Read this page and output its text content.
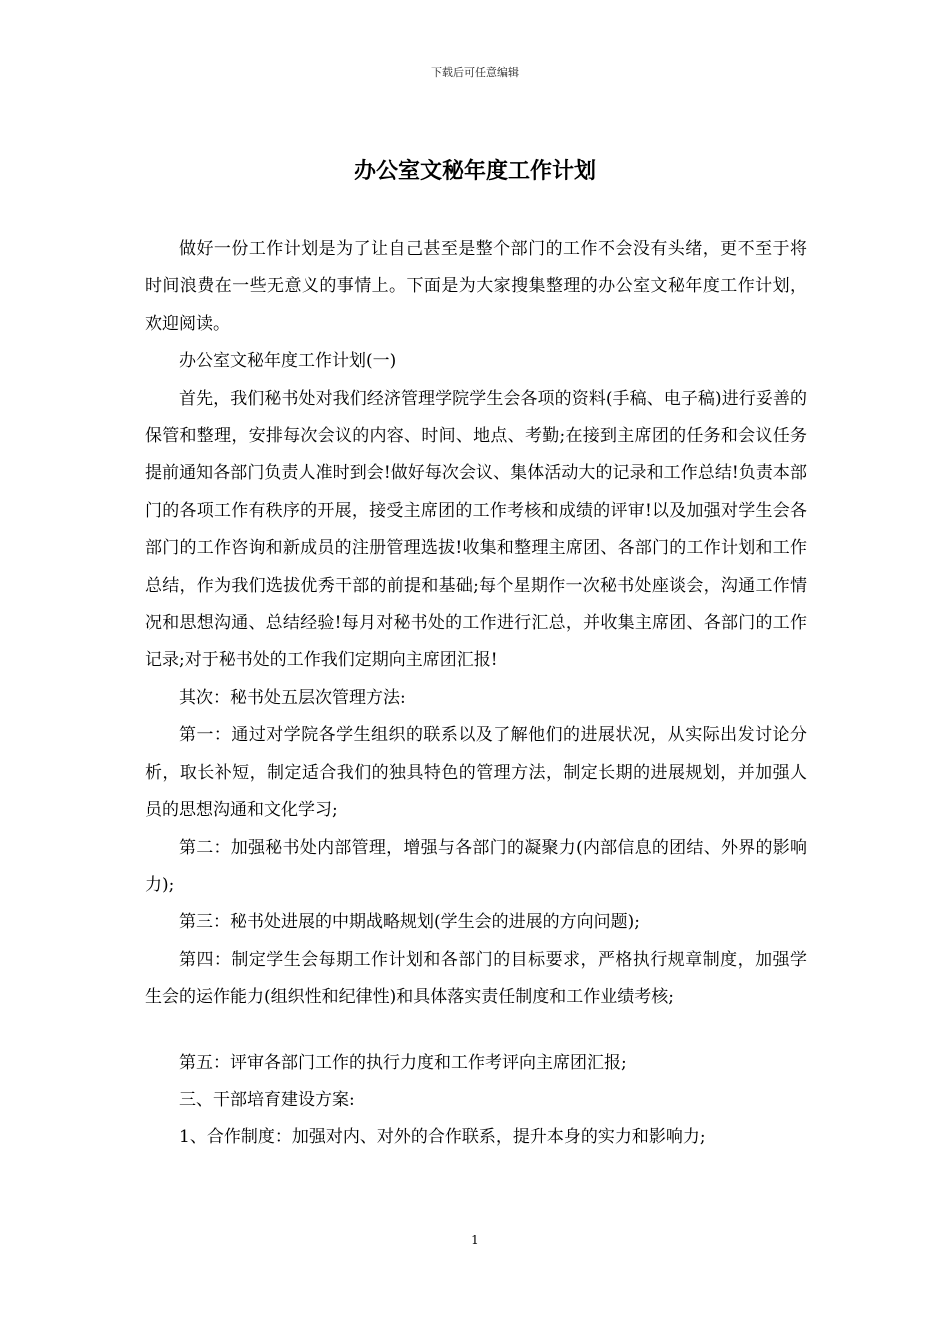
下载后可任意编辑
办公室文秘年度工作计划

做好一份工作计划是为了让自己甚至是整个部门的工作不会没有头绪，更不至于将时间浪费在一些无意义的事情上。下面是为大家搜集整理的办公室文秘年度工作计划，欢迎阅读。

办公室文秘年度工作计划(一)

首先，我们秘书处对我们经济管理学院学生会各项的资料(手稿、电子稿)进行妥善的保管和整理，安排每次会议的内容、时间、地点、考勤;在接到主席团的任务和会议任务提前通知各部门负责人准时到会!做好每次会议、集体活动大的记录和工作总结!负责本部门的各项工作有秩序的开展，接受主席团的工作考核和成绩的评审!以及加强对学生会各部门的工作咨询和新成员的注册管理选拔!收集和整理主席团、各部门的工作计划和工作总结，作为我们选拔优秀干部的前提和基础;每个星期作一次秘书处座谈会，沟通工作情况和思想沟通、总结经验!每月对秘书处的工作进行汇总，并收集主席团、各部门的工作记录;对于秘书处的工作我们定期向主席团汇报!

其次：秘书处五层次管理方法:

第一：通过对学院各学生组织的联系以及了解他们的进展状况，从实际出发讨论分析，取长补短，制定适合我们的独具特色的管理方法，制定长期的进展规划，并加强人员的思想沟通和文化学习;

第二：加强秘书处内部管理，增强与各部门的凝聚力(内部信息的团结、外界的影响力);

第三：秘书处进展的中期战略规划(学生会的进展的方向问题);

第四：制定学生会每期工作计划和各部门的目标要求，严格执行规章制度，加强学生会的运作能力(组织性和纪律性)和具体落实责任制度和工作业绩考核;

第五：评审各部门工作的执行力度和工作考评向主席团汇报;

三、干部培育建设方案:

1、合作制度：加强对内、对外的合作联系，提升本身的实力和影响力;

1
